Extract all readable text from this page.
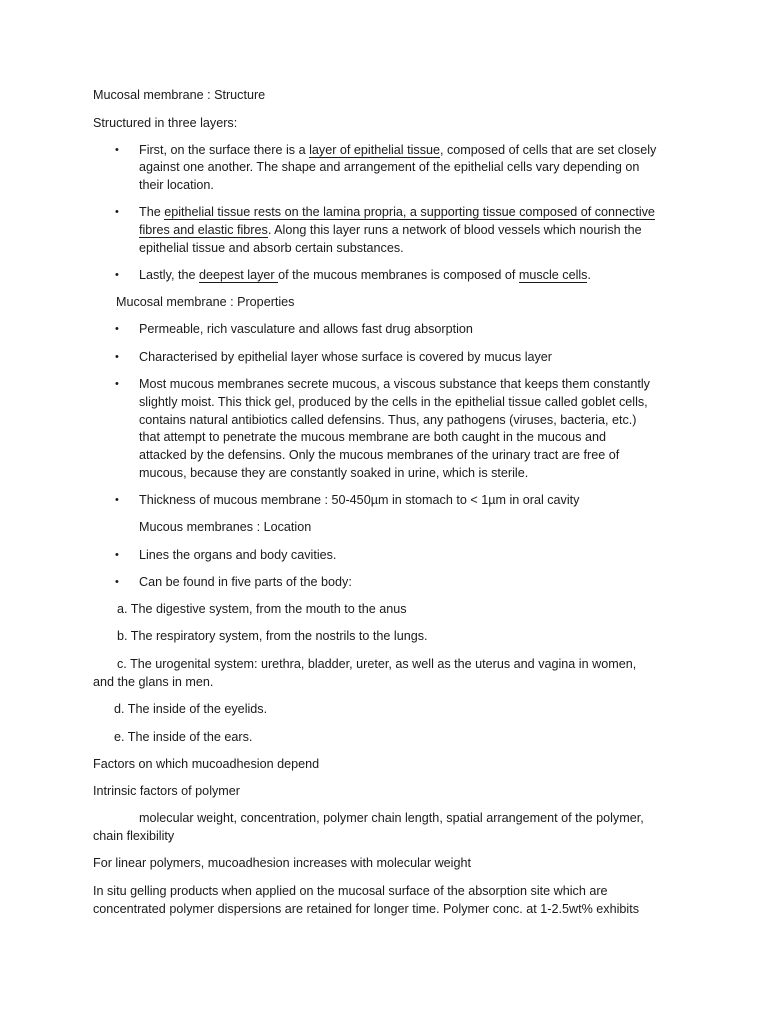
Mucosal membrane : Structure
Structured in three layers:
• First, on the surface there is a layer of epithelial tissue, composed of cells that are set closely
against one another. The shape and arrangement of the epithelial cells vary depending on
their location.
• The epithelial tissue rests on the lamina propria, a supporting tissue composed of connective
fibres and elastic fibres. Along this layer runs a network of blood vessels which nourish the
epithelial tissue and absorb certain substances.
• Lastly, the deepest layer of the mucous membranes is composed of muscle cells.
Mucosal membrane : Properties
• Permeable, rich vasculature and allows fast drug absorption
• Characterised by epithelial layer whose surface is covered by mucus layer
• Most mucous membranes secrete mucous, a viscous substance that keeps them constantly
slightly moist. This thick gel, produced by the cells in the epithelial tissue called goblet cells,
contains natural antibiotics called defensins. Thus, any pathogens (viruses, bacteria, etc.)
that attempt to penetrate the mucous membrane are both caught in the mucous and
attacked by the defensins. Only the mucous membranes of the urinary tract are free of
mucous, because they are constantly soaked in urine, which is sterile.
• Thickness of mucous membrane : 50-450µm in stomach to < 1µm in oral cavity
Mucous membranes : Location
• Lines the organs and body cavities.
• Can be found in five parts of the body:
a. The digestive system, from the mouth to the anus
b. The respiratory system, from the nostrils to the lungs.
c. The urogenital system: urethra, bladder, ureter, as well as the uterus and vagina in women,
and the glans in men.
d. The inside of the eyelids.
e. The inside of the ears.
Factors on which mucoadhesion depend
Intrinsic factors of polymer
molecular weight, concentration, polymer chain length, spatial arrangement of the polymer,
chain flexibility
For linear polymers, mucoadhesion increases with molecular weight
In situ gelling products when applied on the mucosal surface of the absorption site which are
concentrated polymer dispersions are retained for longer time. Polymer conc. at 1-2.5wt% exhibits
